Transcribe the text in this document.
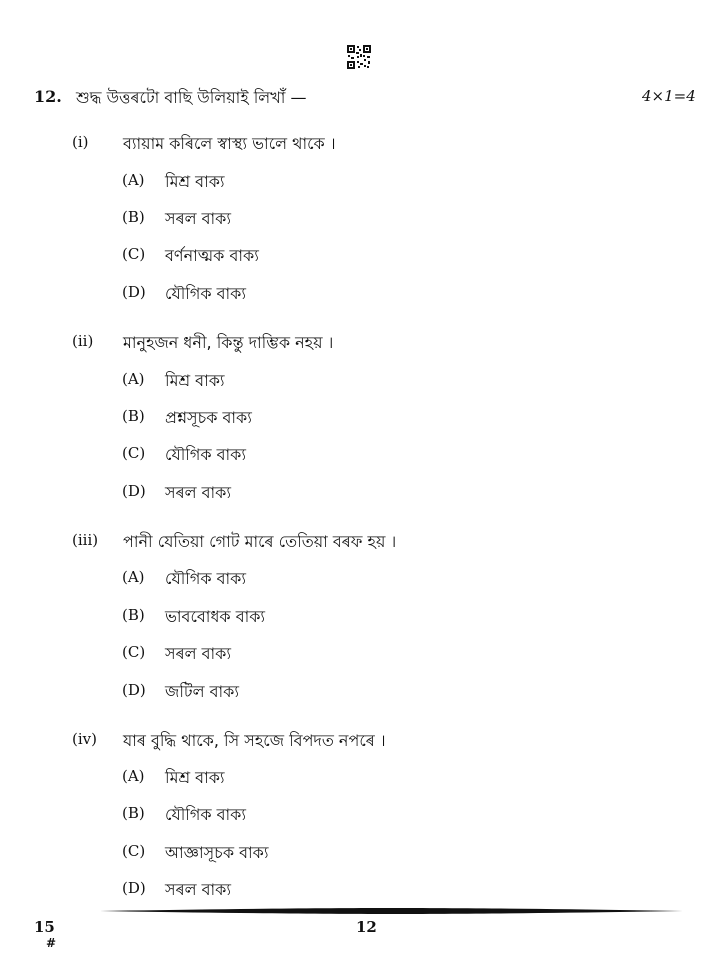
12. শুদ্ধ উত্তৰটো বাছি উলিয়াই লিখাঁ —	4×1=4
(i) ব্যায়াম কৰিলে স্বাস্থ্য ভালে থাকে ।
(A) মিশ্ৰ বাক্য
(B) সৰল বাক্য
(C) বৰ্ণনাত্মক বাক্য
(D) যৌগিক বাক্য
(ii) মানুহজন ধনী, কিন্তু দাম্ভিক নহয় ।
(A) মিশ্ৰ বাক্য
(B) প্ৰশ্নসূচক বাক্য
(C) যৌগিক বাক্য
(D) সৰল বাক্য
(iii) পানী যেতিয়া গোট মাৰে তেতিয়া বৰফ হয় ।
(A) যৌগিক বাক্য
(B) ভাববোধক বাক্য
(C) সৰল বাক্য
(D) জটিল বাক্য
(iv) যাৰ বুদ্ধি থাকে, সি সহজে বিপদত নপৰে ।
(A) মিশ্ৰ বাক্য
(B) যৌগিক বাক্য
(C) আজ্ঞাসূচক বাক্য
(D) সৰল বাক্য
15
#
12
